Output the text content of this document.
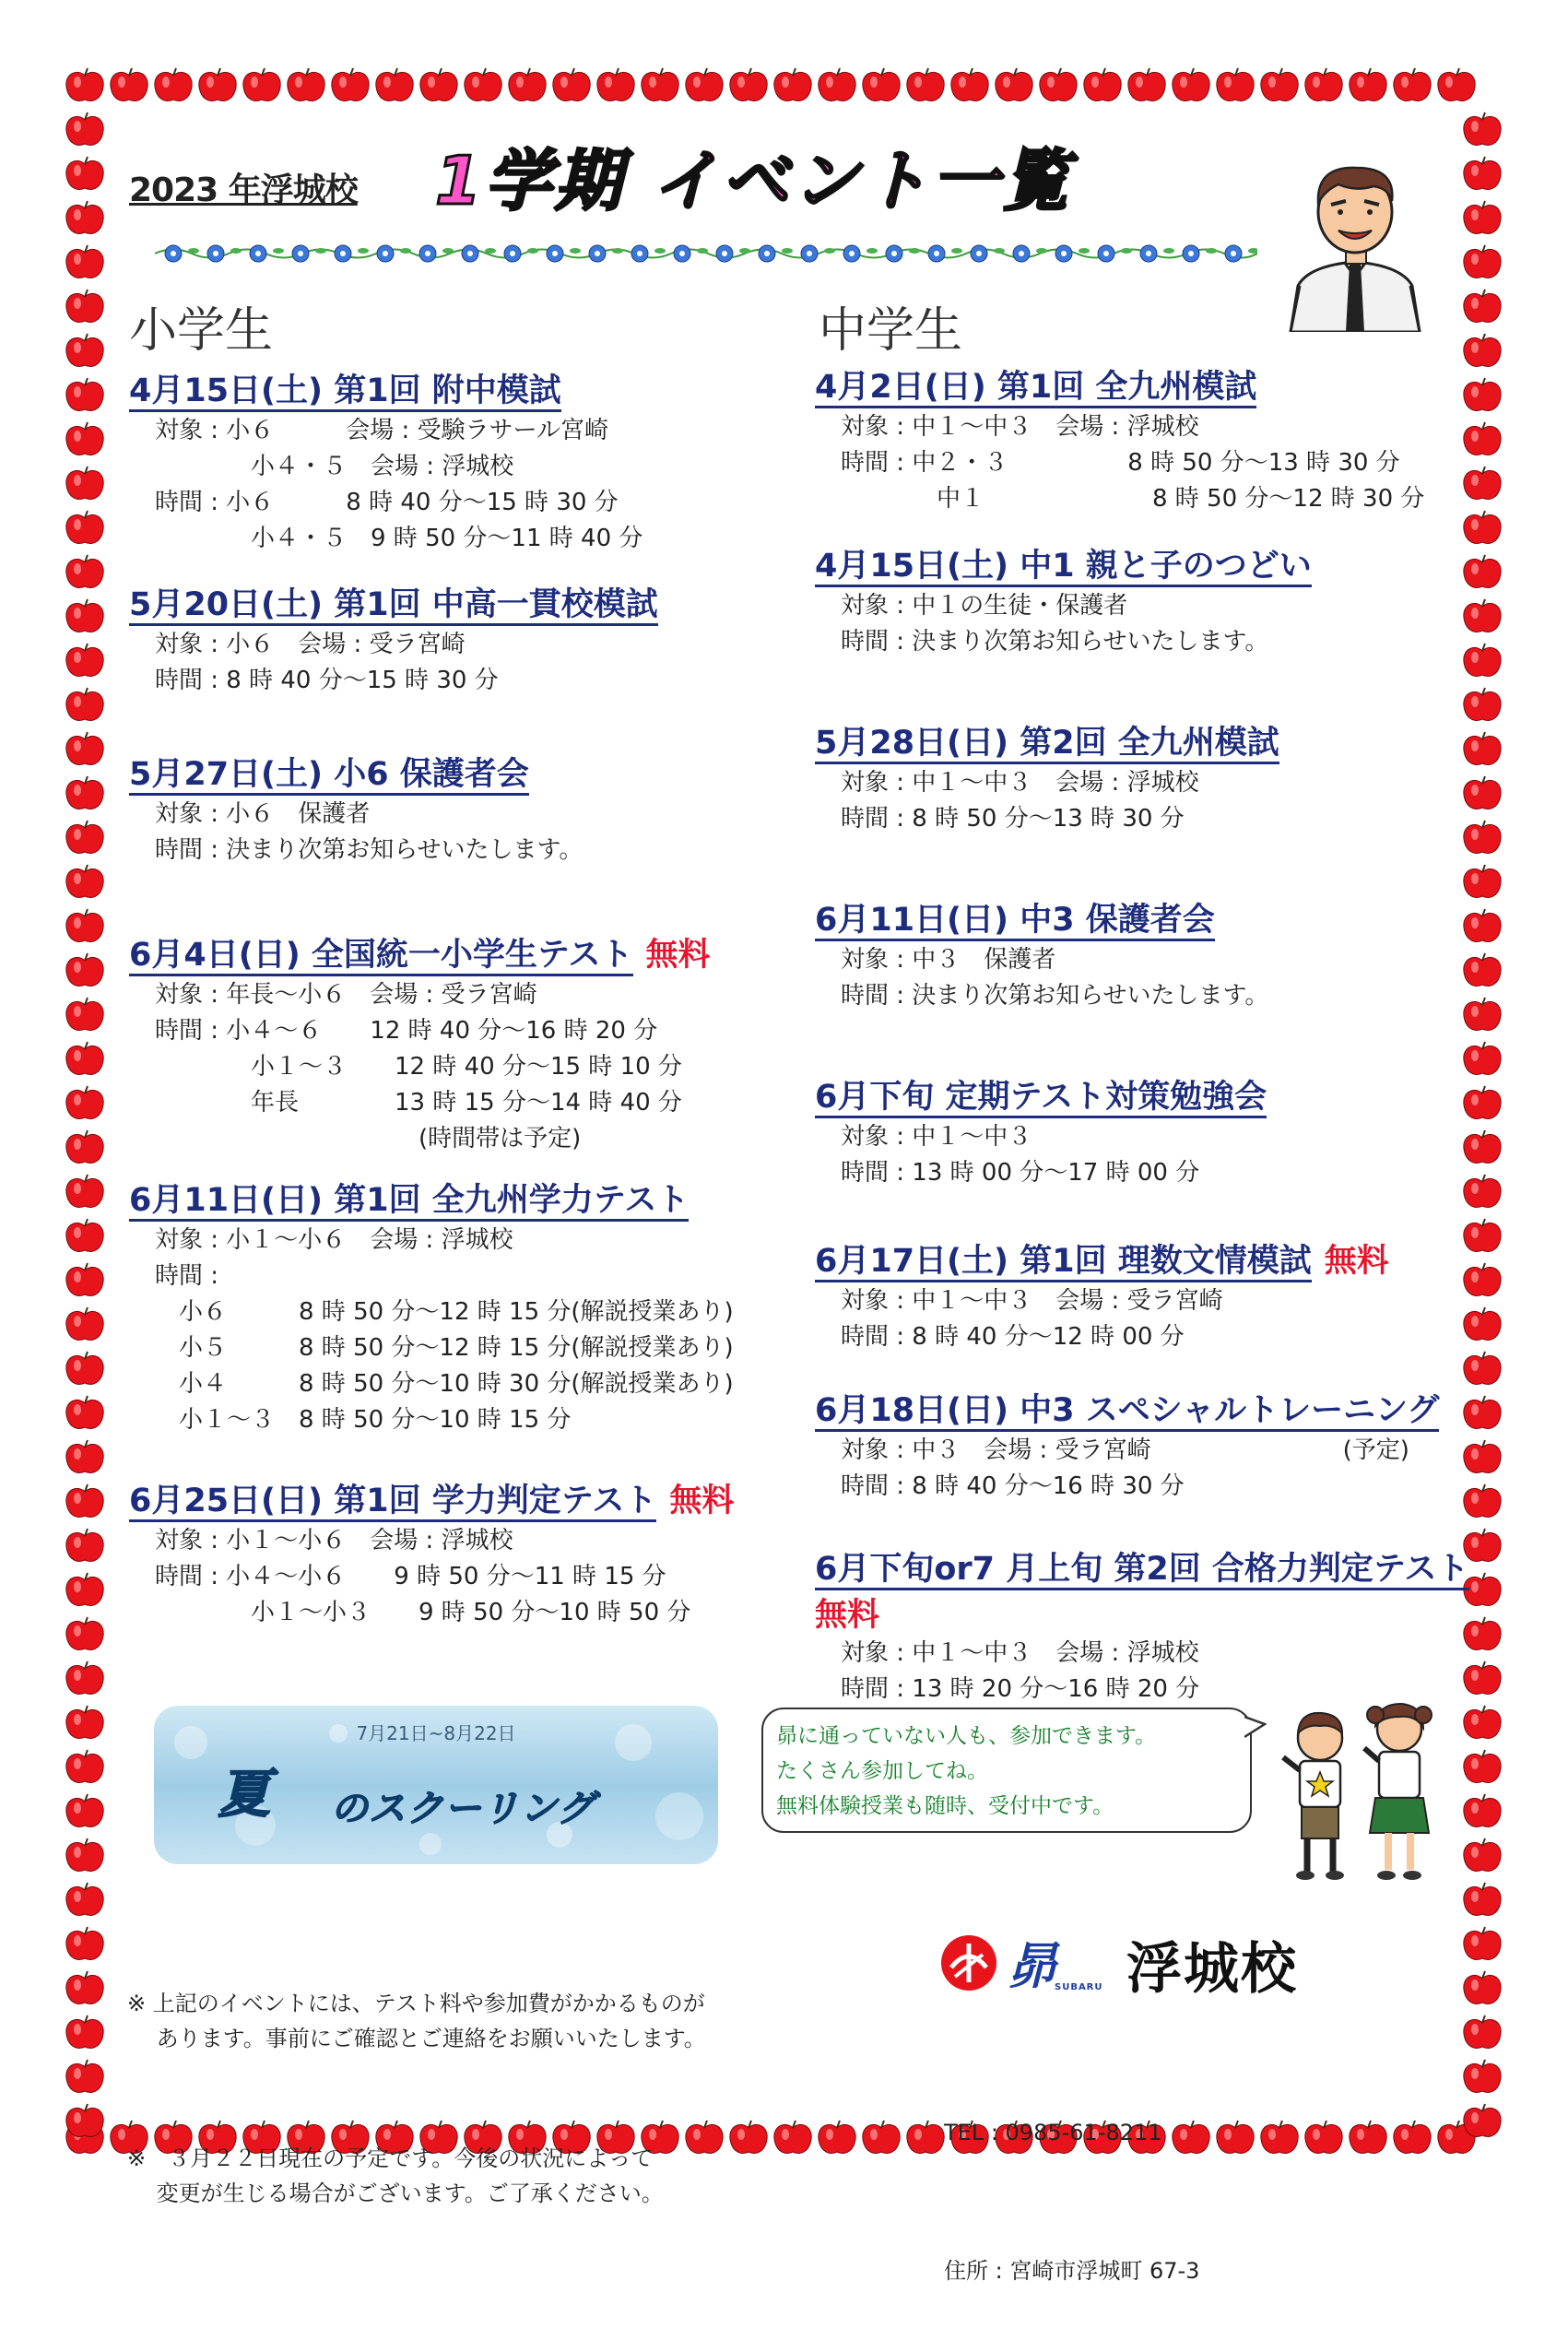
2023 年浮城校 1学期 イベント一覧
小学生	中学生
4月15日(土) 第1回 附中模試
対象 : 小６　　　会場 : 受験ラサール宮崎
　　　　小４・５　会場 : 浮城校
時間 : 小６　　　8 時 40 分～15 時 30 分
　　　　小４・５　9 時 50 分～11 時 40 分
5月20日(土) 第1回 中高一貫校模試
対象 : 小６　会場 : 受ラ宮崎
時間 : 8 時 40 分～15 時 30 分
5月27日(土) 小6 保護者会
対象 : 小６　保護者
時間 : 決まり次第お知らせいたします。
6月4日(日) 全国統一小学生テスト 無料
対象 : 年長～小６　会場 : 受ラ宮崎
時間 : 小４～６　　12 時 40 分～16 時 20 分
　　　　小１～３　　12 時 40 分～15 時 10 分
　　　　年長　　　　13 時 15 分～14 時 40 分
　　　　　　　　　　　(時間帯は予定)
6月11日(日) 第1回 全九州学力テスト
対象 : 小１～小６　会場 : 浮城校
時間 :
　小６　　　8 時 50 分～12 時 15 分(解説授業あり)
　小５　　　8 時 50 分～12 時 15 分(解説授業あり)
　小４　　　8 時 50 分～10 時 30 分(解説授業あり)
　小１～３　8 時 50 分～10 時 15 分
6月25日(日) 第1回 学力判定テスト 無料
対象 : 小１～小６　会場 : 浮城校
時間 : 小４～小６　　9 時 50 分～11 時 15 分
　　　　小１～小３　　9 時 50 分～10 時 50 分
4月2日(日) 第1回 全九州模試
対象 : 中１～中３　会場 : 浮城校
時間 : 中２・３　　　　　8 時 50 分～13 時 30 分
　　　　中１　　　　　　　8 時 50 分～12 時 30 分
4月15日(土) 中1 親と子のつどい
対象 : 中１の生徒・保護者
時間 : 決まり次第お知らせいたします。
5月28日(日) 第2回 全九州模試
対象 : 中１～中３　会場 : 浮城校
時間 : 8 時 50 分～13 時 30 分
6月11日(日) 中3 保護者会
対象 : 中３　保護者
時間 : 決まり次第お知らせいたします。
6月下旬 定期テスト対策勉強会
対象 : 中１～中３
時間 : 13 時 00 分～17 時 00 分
6月17日(土) 第1回 理数文情模試 無料
対象 : 中１～中３　会場 : 受ラ宮崎
時間 : 8 時 40 分～12 時 00 分
6月18日(日) 中3 スペシャルトレーニング
対象 : 中３　会場 : 受ラ宮崎　　　　　　　　(予定)
時間 : 8 時 40 分～16 時 30 分
6月下旬or7 月上旬 第2回 合格力判定テスト
無料
対象 : 中１～中３　会場 : 浮城校
時間 : 13 時 20 分～16 時 20 分
7月21日~8月22日
夏 のスクーリング
昴に通っていない人も、参加できます。
たくさん参加してね。
無料体験授業も随時、受付中です。

※ 上記のイベントには、テスト料や参加費がかかるものが
　 あります。事前にご確認とご連絡をお願いいたします。

※　３月２２日現在の予定です。今後の状況によって
　 変更が生じる場合がございます。ご了承ください。

昴
SUBARU 浮城校

TEL : 0985-61-8211

住所 : 宮崎市浮城町 67-3
